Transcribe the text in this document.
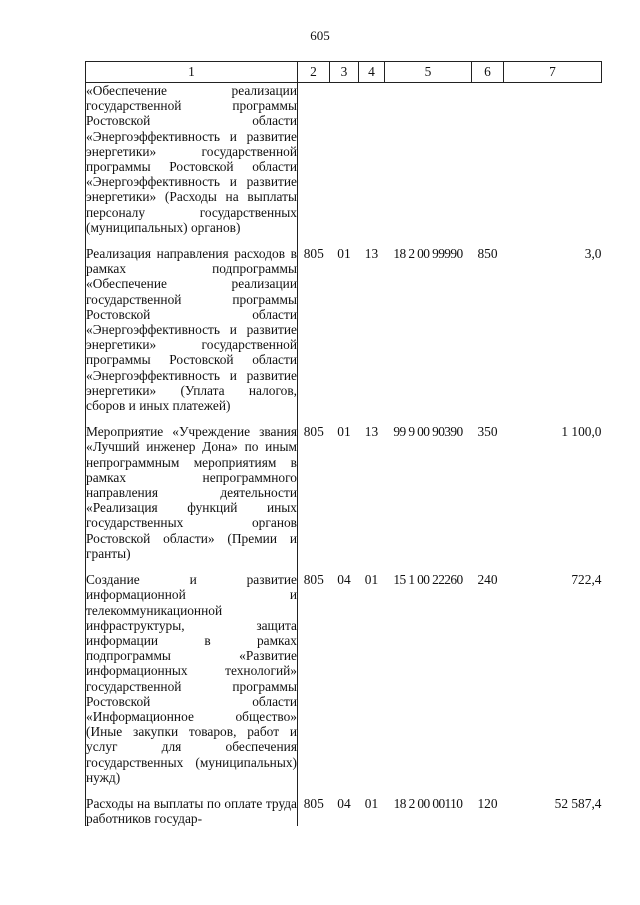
605
1	2	3	4	5	6	7
«Обеспечение реализации государственной программы Ростовской области «Энергоэффективность и развитие энергетики» государственной программы Ростовской области «Энергоэффективность и развитие энергетики» (Расходы на выплаты персоналу государственных (муниципальных) органов)						

Реализация направления расходов в рамках подпрограммы «Обеспечение реализации государственной программы Ростовской области «Энергоэффективность и развитие энергетики» государственной программы Ростовской области «Энергоэффективность и развитие энергетики» (Уплата налогов, сборов и иных платежей)	805	01	13	18 2 00 99990	850	3,0

Мероприятие «Учреждение звания «Лучший инженер Дона» по иным непрограммным мероприятиям в рамках непрограммного направления деятельности «Реализация функций иных государственных органов Ростовской области» (Премии и гранты)	805	01	13	99 9 00 90390	350	1 100,0

Создание и развитие информационной и телекоммуникационной инфраструктуры, защита информации в рамках подпрограммы «Развитие информационных технологий» государственной программы Ростовской области «Информационное общество» (Иные закупки товаров, работ и услуг для обеспечения государственных (муниципальных) нужд)	805	04	01	15 1 00 22260	240	722,4

Расходы на выплаты по оплате труда работников государ-	805	04	01	18 2 00 00110	120	52 587,4
